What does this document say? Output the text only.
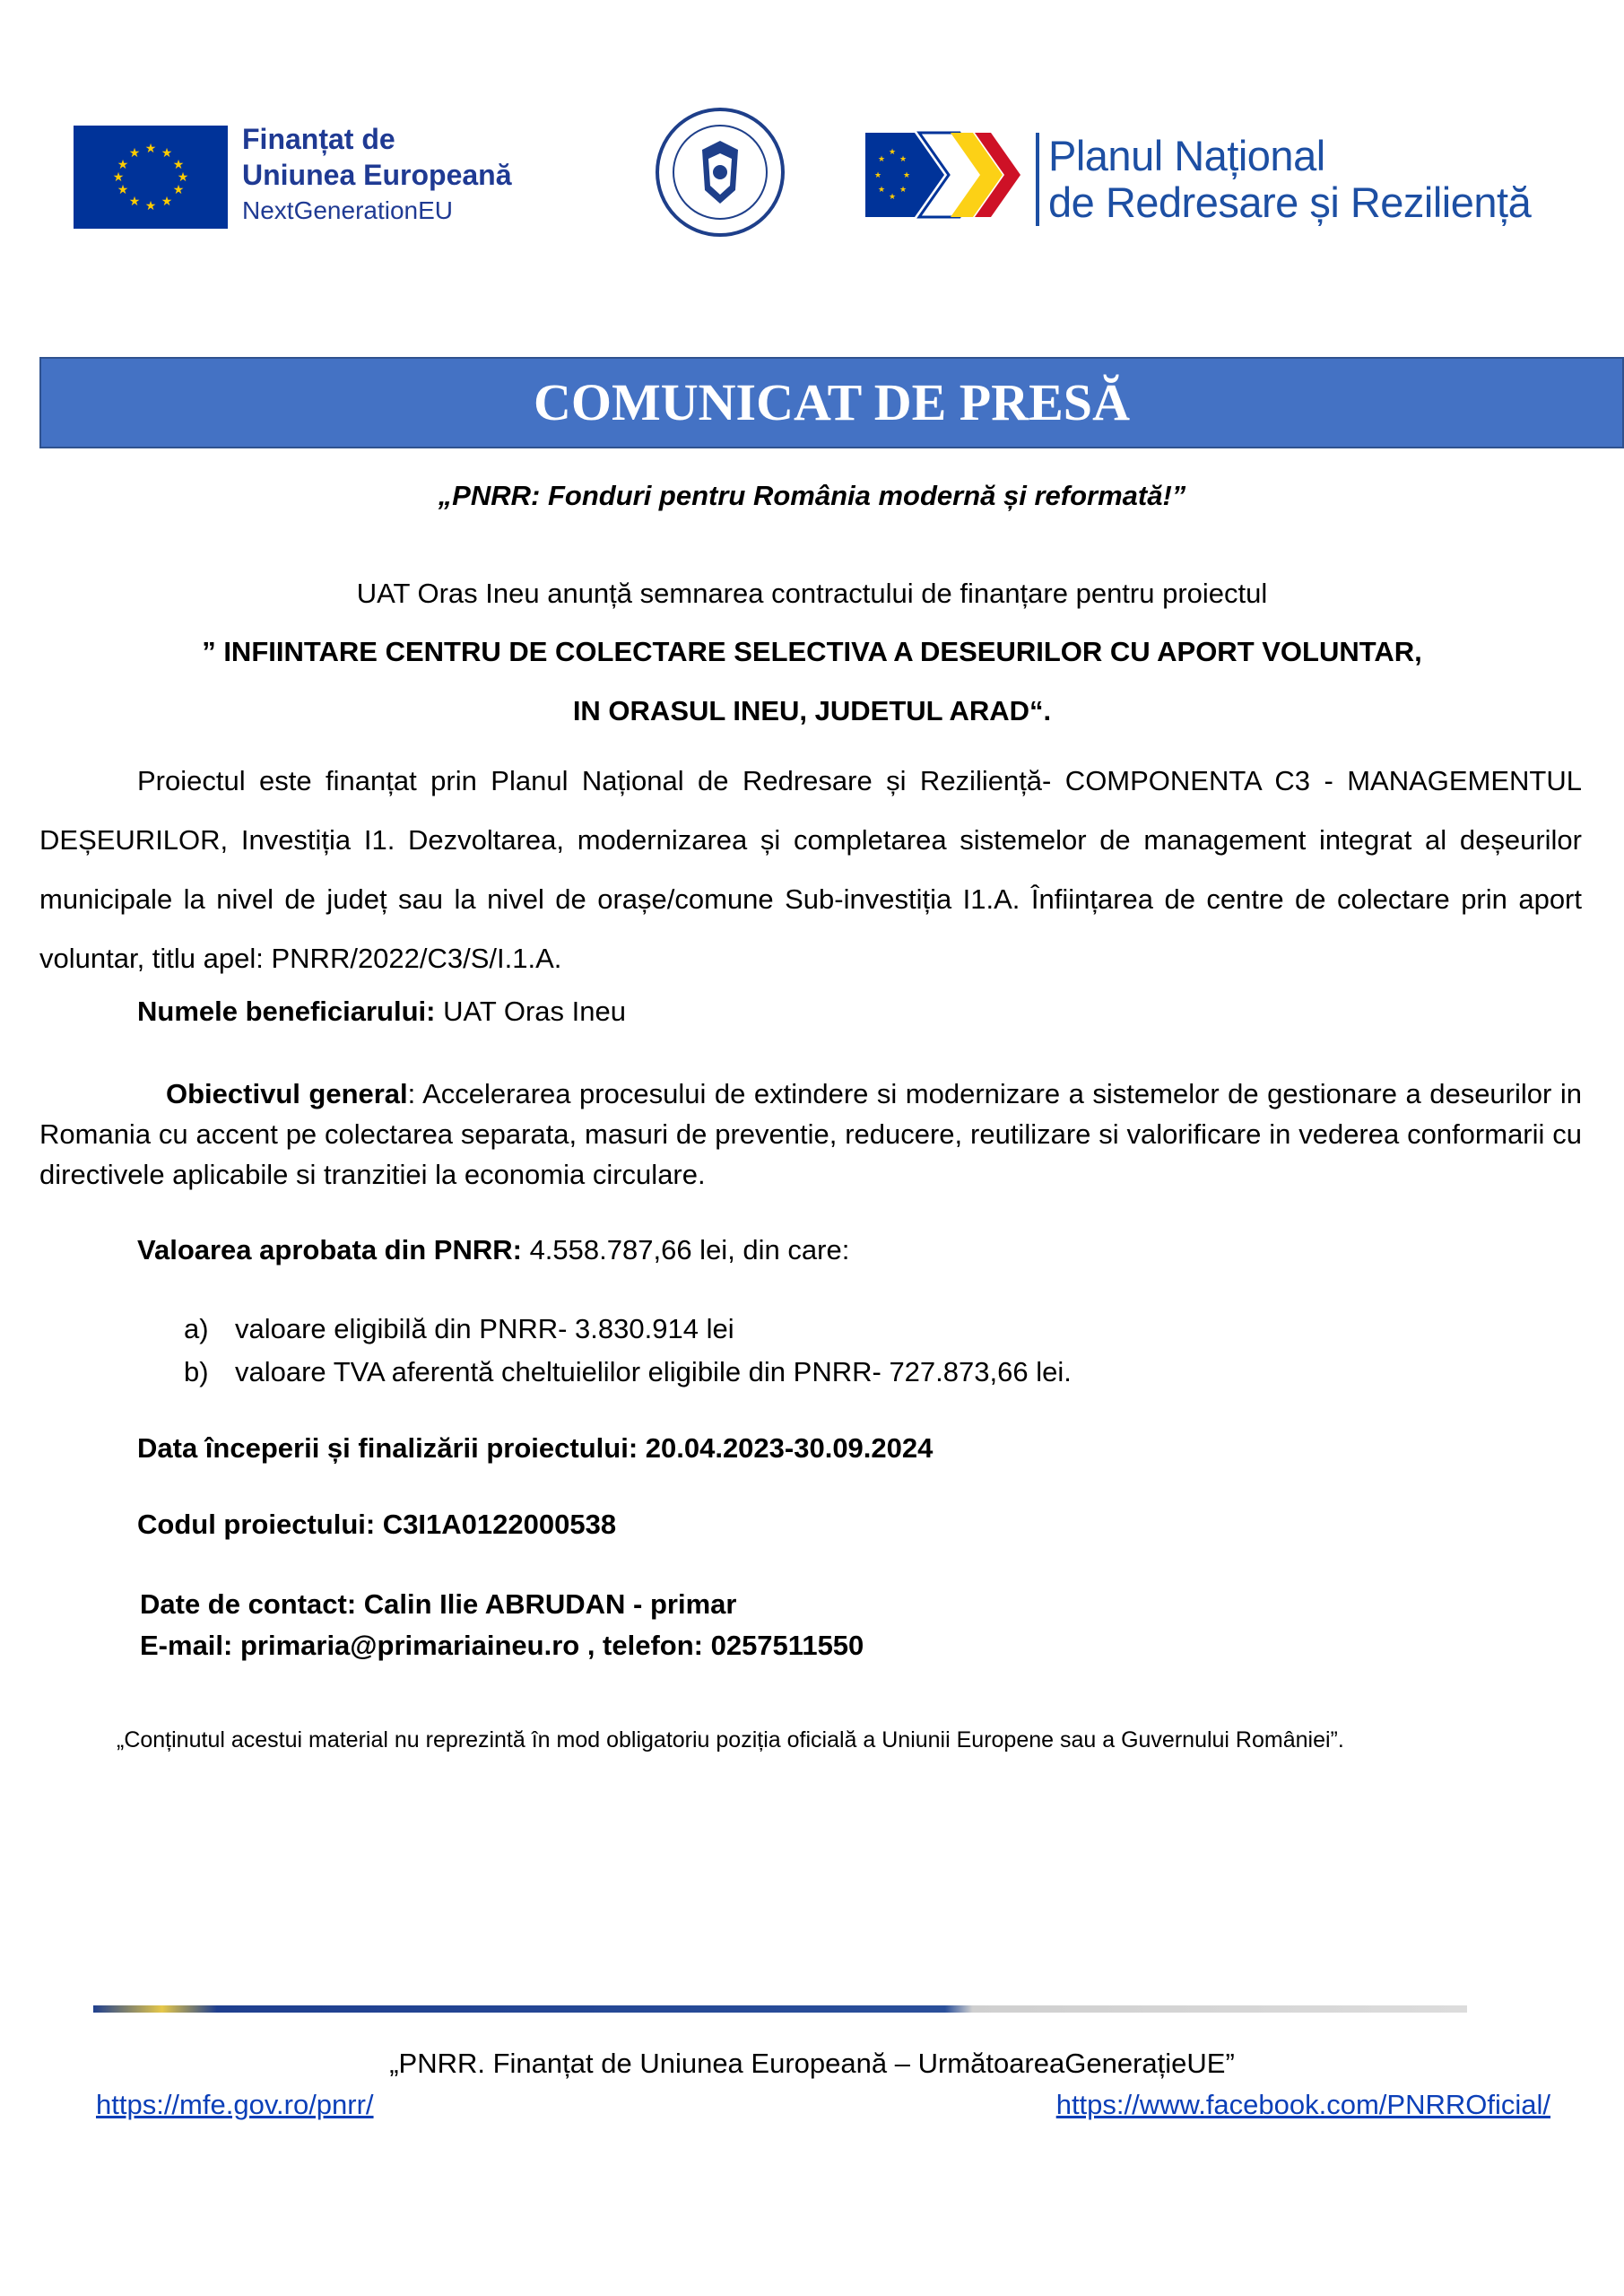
★ ★
★
★
★
★
★
★
★
★
★
★	Finanțat de
Uniunea Europeană
NextGenerationEU
★
★
★
★
★
★
★
★	Planul Național
de Redresare și Reziliență
COMUNICAT DE PRESĂ
„PNRR: Fonduri pentru România modernă și reformată!”
UAT Oras Ineu anunță semnarea contractului de finanțare pentru proiectul
” INFIINTARE CENTRU DE COLECTARE SELECTIVA A DESEURILOR CU APORT VOLUNTAR,
IN ORASUL INEU, JUDETUL ARAD“.
Proiectul este finanțat prin Planul Național de Redresare și Reziliență- COMPONENTA C3 - MANAGEMENTUL DEȘEURILOR, Investiția I1. Dezvoltarea, modernizarea și completarea sistemelor de management integrat al deșeurilor municipale la nivel de județ sau la nivel de orașe/comune Sub-investiția I1.A. Înființarea de centre de colectare prin aport voluntar, titlu apel: PNRR/2022/C3/S/I.1.A.
Numele beneficiarului: UAT Oras Ineu
Obiectivul general: Accelerarea procesului de extindere si modernizare a sistemelor de gestionare a deseurilor in Romania cu accent pe colectarea separata, masuri de preventie, reducere, reutilizare si valorificare in vederea conformarii cu directivele aplicabile si tranzitiei la economia circulare.
Valoarea aprobata din PNRR: 4.558.787,66 lei, din care:
a) valoare eligibilă din PNRR- 3.830.914 lei
b) valoare TVA aferentă cheltuielilor eligibile din PNRR- 727.873,66 lei.
Data începerii și finalizării proiectului: 20.04.2023-30.09.2024
Codul proiectului: C3I1A0122000538
Date de contact: Calin Ilie ABRUDAN - primar
E-mail: primaria@primariaineu.ro , telefon: 0257511550
„Conținutul acestui material nu reprezintă în mod obligatoriu poziția oficială a Uniunii Europene sau a Guvernului României”.
„PNRR. Finanțat de Uniunea Europeană – UrmătoareaGenerațieUE”
https://mfe.gov.ro/pnrr/	https://www.facebook.com/PNRROficial/
